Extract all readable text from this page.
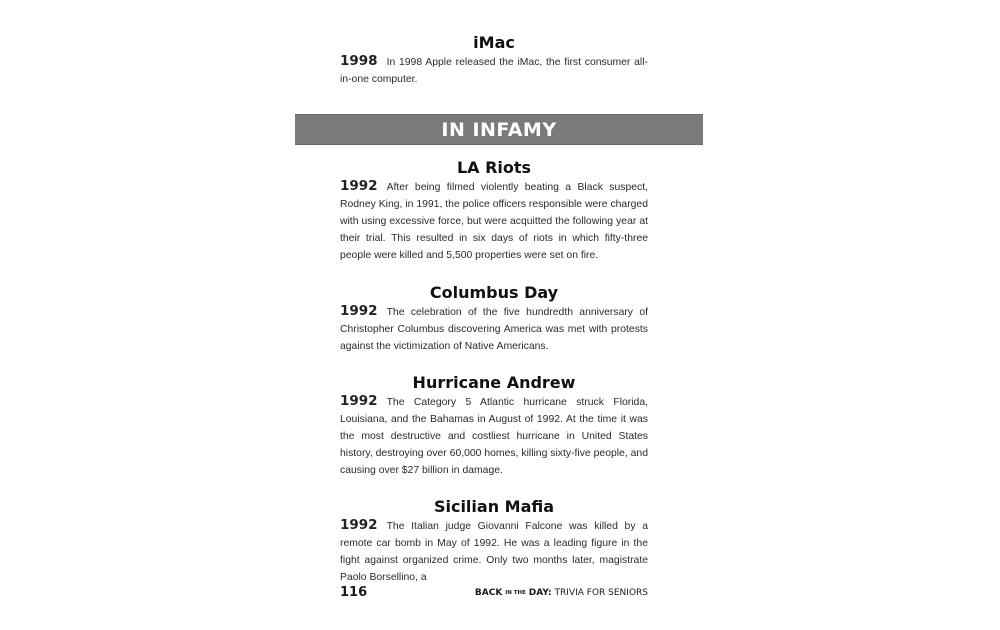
iMac
1998 In 1998 Apple released the iMac, the first consumer all-in-one computer.
IN INFAMY
LA Riots
1992 After being filmed violently beating a Black suspect, Rodney King, in 1991, the police officers responsible were charged with using excessive force, but were acquitted the following year at their trial. This resulted in six days of riots in which fifty-three people were killed and 5,500 properties were set on fire.
Columbus Day
1992 The celebration of the five hundredth anniversary of Christopher Columbus discovering America was met with protests against the victimization of Native Americans.
Hurricane Andrew
1992 The Category 5 Atlantic hurricane struck Florida, Louisiana, and the Bahamas in August of 1992. At the time it was the most destructive and costliest hurricane in United States history, destroying over 60,000 homes, killing sixty-five people, and causing over $27 billion in damage.
Sicilian Mafia
1992 The Italian judge Giovanni Falcone was killed by a remote car bomb in May of 1992. He was a leading figure in the fight against organized crime. Only two months later, magistrate Paolo Borsellino, a
116	BACK IN THE DAY: TRIVIA FOR SENIORS
